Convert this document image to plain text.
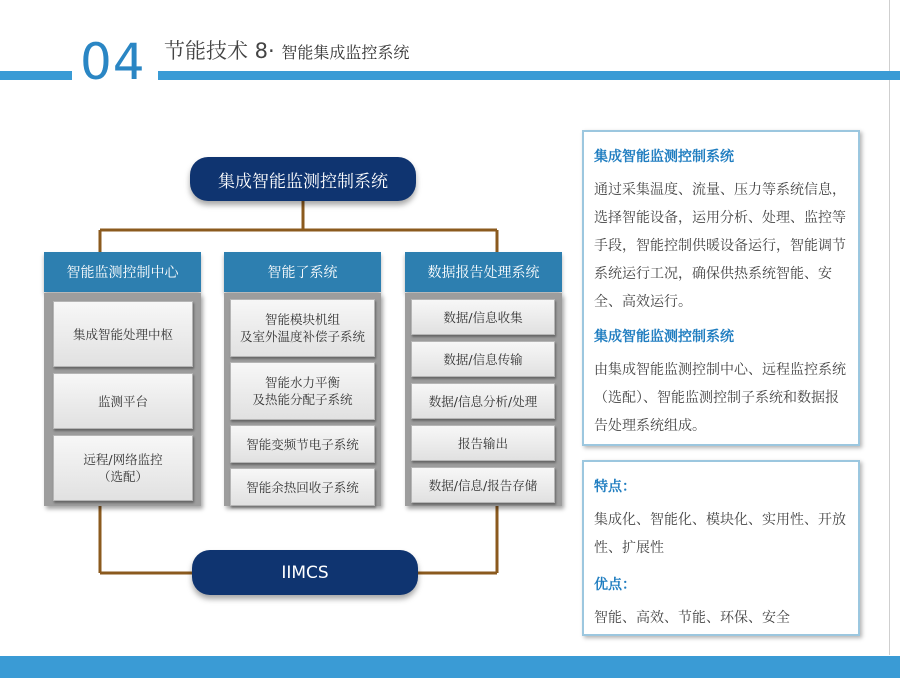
04 节能技术 8· 智能集成监控系统
集成智能监测控制系统
智能监测控制中心
集成智能处理中枢
监测平台
远程/网络监控
（选配）
智能了系统
智能模块机组
及室外温度补偿子系统
智能水力平衡
及热能分配子系统
智能变频节电子系统
智能余热回收子系统
数据报告处理系统
数据/信息收集
数据/信息传输
数据/信息分析/处理
报告输出
数据/信息/报告存储
IIMCS
集成智能监测控制系统
通过采集温度、流量、压力等系统信息，选择智能设备，运用分析、处理、监控等手段，智能控制供暖设备运行，智能调节系统运行工况，确保供热系统智能、安全、高效运行。
集成智能监测控制系统
由集成智能监测控制中心、远程监控系统（选配）、智能监测控制子系统和数据报告处理系统组成。
特点：
集成化、智能化、模块化、实用性、开放性、扩展性
优点：
智能、高效、节能、环保、安全
